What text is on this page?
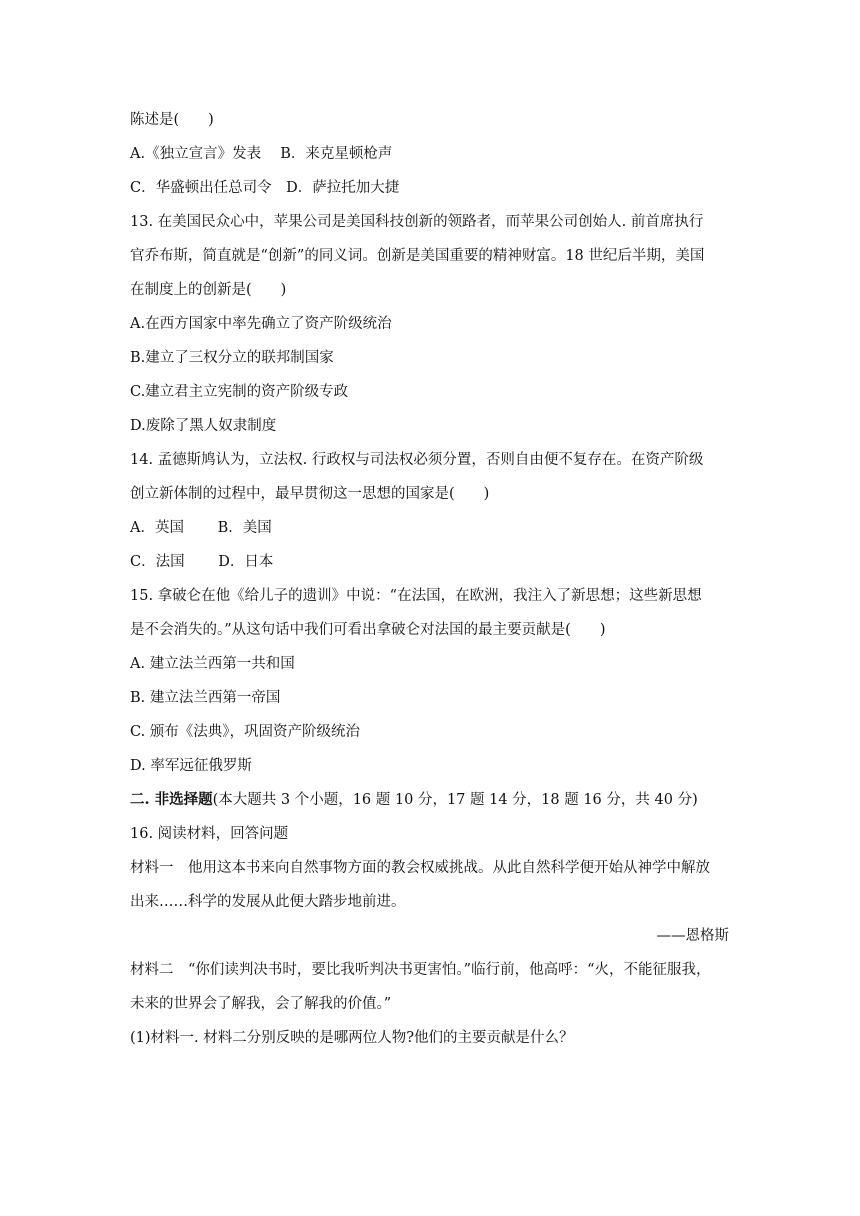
陈述是(　　)
A.《独立宣言》发表　 B．来克星顿枪声
C．华盛顿出任总司令　D．萨拉托加大捷
13. 在美国民众心中，苹果公司是美国科技创新的领路者，而苹果公司创始人. 前首席执行
官乔布斯，简直就是“创新”的同义词。创新是美国重要的精神财富。18 世纪后半期，美国
在制度上的创新是(　　)
A.在西方国家中率先确立了资产阶级统治
B.建立了三权分立的联邦制国家
C.建立君主立宪制的资产阶级专政
D.废除了黑人奴隶制度
14. 孟德斯鸠认为，立法权. 行政权与司法权必须分置，否则自由便不复存在。在资产阶级
创立新体制的过程中，最早贯彻这一思想的国家是(　　)
A．英国　　 B．美国
C．法国　　 D．日本
15. 拿破仑在他《给儿子的遗训》中说：“在法国，在欧洲，我注入了新思想；这些新思想
是不会消失的。”从这句话中我们可看出拿破仑对法国的最主要贡献是(　　)
A. 建立法兰西第一共和国
B. 建立法兰西第一帝国
C. 颁布《法典》，巩固资产阶级统治
D. 率军远征俄罗斯
二. 非选择题(本大题共 3 个小题，16 题 10 分，17 题 14 分，18 题 16 分，共 40 分)
16. 阅读材料，回答问题
材料一　他用这本书来向自然事物方面的教会权威挑战。从此自然科学便开始从神学中解放
出来……科学的发展从此便大踏步地前进。
——恩格斯
材料二　“你们读判决书时，要比我听判决书更害怕。”临行前，他高呼：“火，不能征服我，
未来的世界会了解我，会了解我的价值。”
(1)材料一. 材料二分别反映的是哪两位人物?他们的主要贡献是什么？
